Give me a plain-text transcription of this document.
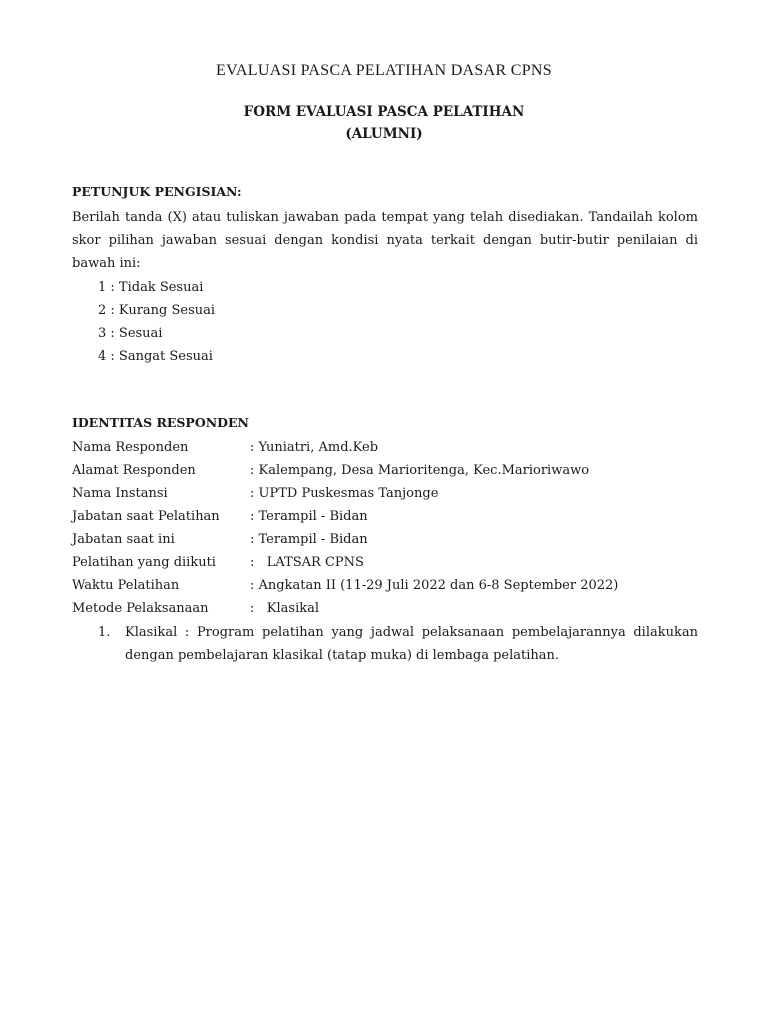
EVALUASI PASCA PELATIHAN DASAR CPNS
FORM EVALUASI PASCA PELATIHAN
(ALUMNI)
PETUNJUK PENGISIAN:

Berilah tanda (X) atau tuliskan jawaban pada tempat yang telah disediakan. Tandailah kolom skor pilihan jawaban sesuai dengan kondisi nyata terkait dengan butir-butir penilaian di bawah ini:

1 : Tidak Sesuai
2 : Kurang Sesuai
3 : Sesuai
4 : Sangat Sesuai
IDENTITAS RESPONDEN
Nama Responden	: Yuniatri, Amd.Keb
Alamat Responden	: Kalempang, Desa Marioritenga, Kec.Marioriwawo
Nama Instansi	: UPTD Puskesmas Tanjonge
Jabatan saat Pelatihan : Terampil - Bidan
Jabatan saat ini	: Terampil - Bidan
Pelatihan yang diikuti	:   LATSAR CPNS
Waktu Pelatihan	: Angkatan II (11-29 Juli 2022 dan 6-8 September 2022)
Metode Pelaksanaan	:   Klasikal
1. Klasikal : Program pelatihan yang jadwal pelaksanaan pembelajarannya dilakukan dengan pembelajaran klasikal (tatap muka) di lembaga pelatihan.
